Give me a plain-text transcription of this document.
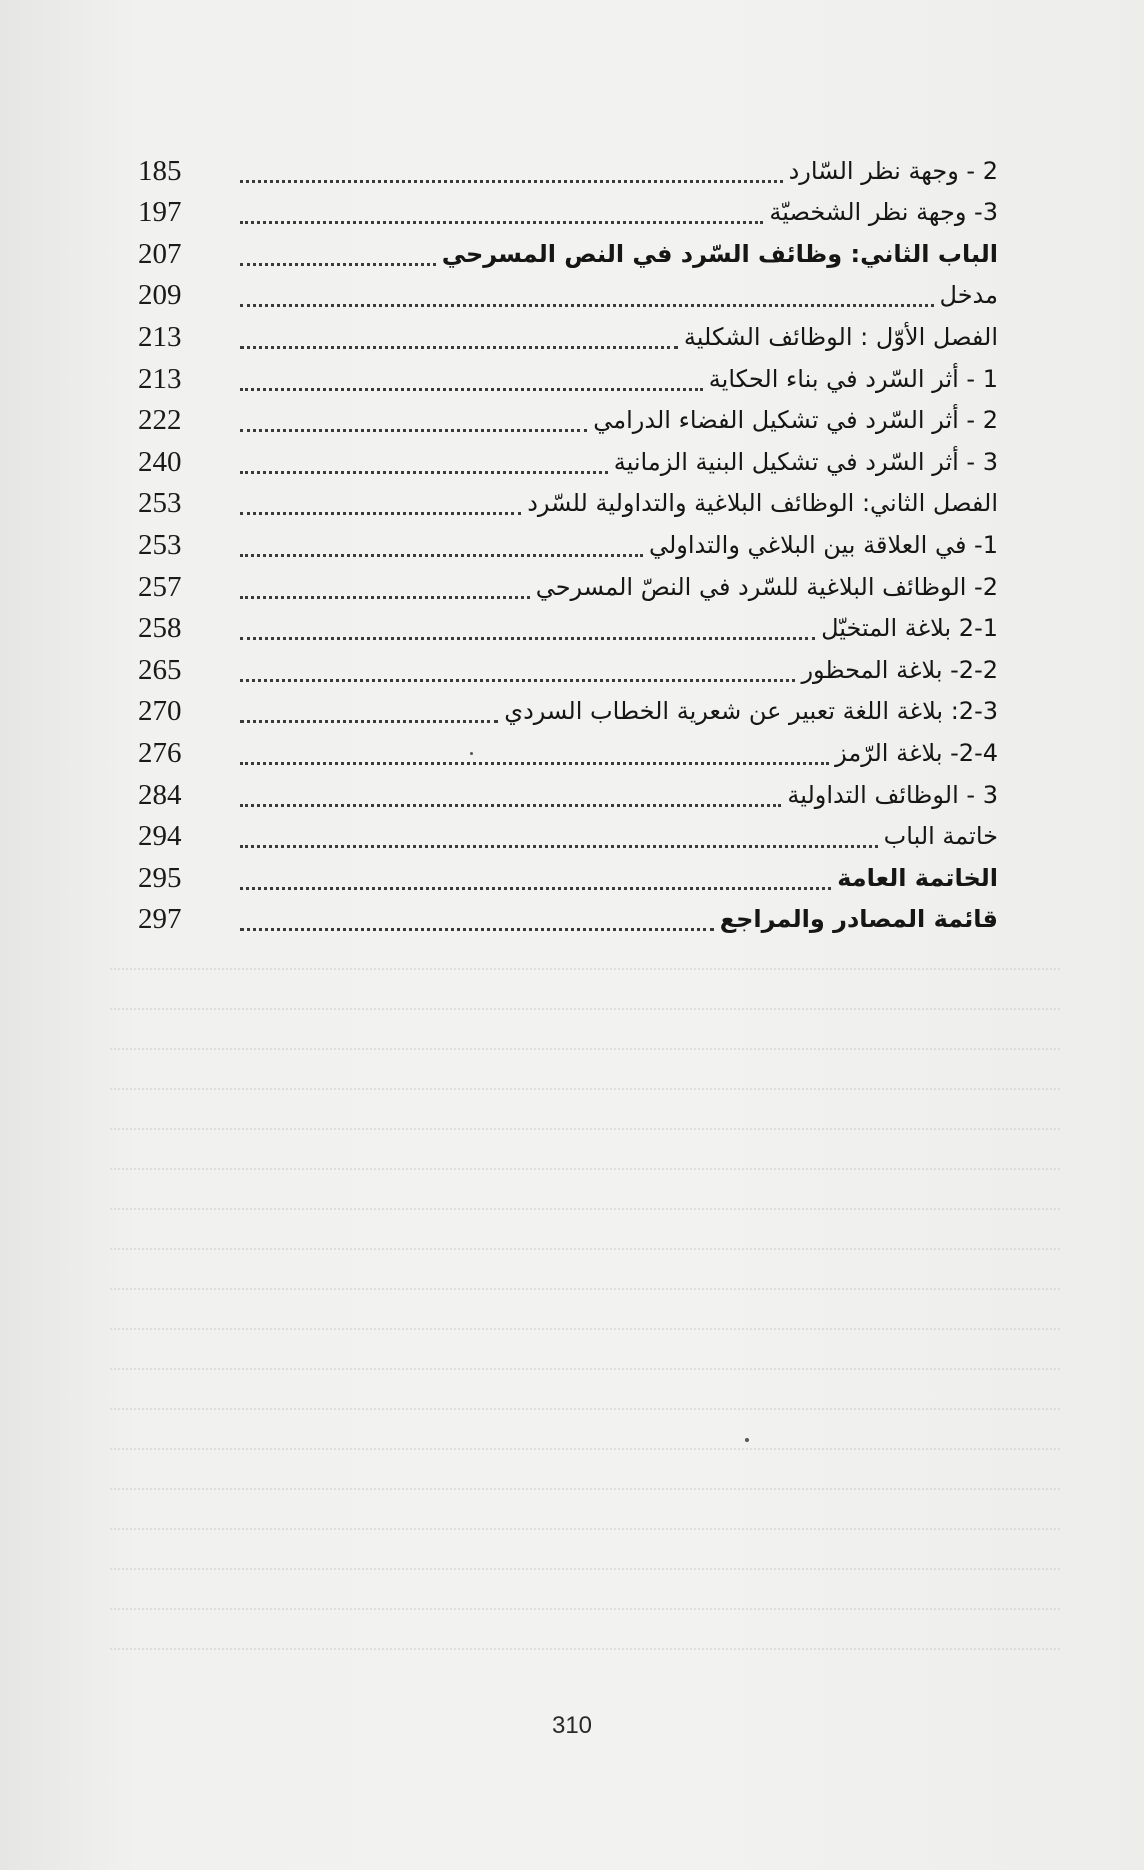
185	2 - وجهة نظر السّارد
197	3- وجهة نظر الشخصيّة
207	الباب الثاني: وظائف السّرد في النص المسرحي
209	مدخل
213	الفصل الأوّل : الوظائف الشكلية
213	1 - أثر السّرد في بناء الحكاية
222	2 - أثر السّرد في تشكيل الفضاء الدرامي
240	3 - أثر السّرد في تشكيل البنية الزمانية
253	الفصل الثاني: الوظائف البلاغية والتداولية للسّرد
253	1- في العلاقة بين البلاغي والتداولي
257	2- الوظائف البلاغية للسّرد في النصّ المسرحي
258	2-1 بلاغة المتخيّل
265	2-2- بلاغة المحظور
270	2-3: بلاغة اللغة تعبير عن شعرية الخطاب السردي
276	2-4- بلاغة الرّمز
284	3 - الوظائف التداولية
294	خاتمة الباب
295	الخاتمة العامة
297	قائمة المصادر والمراجع
310
